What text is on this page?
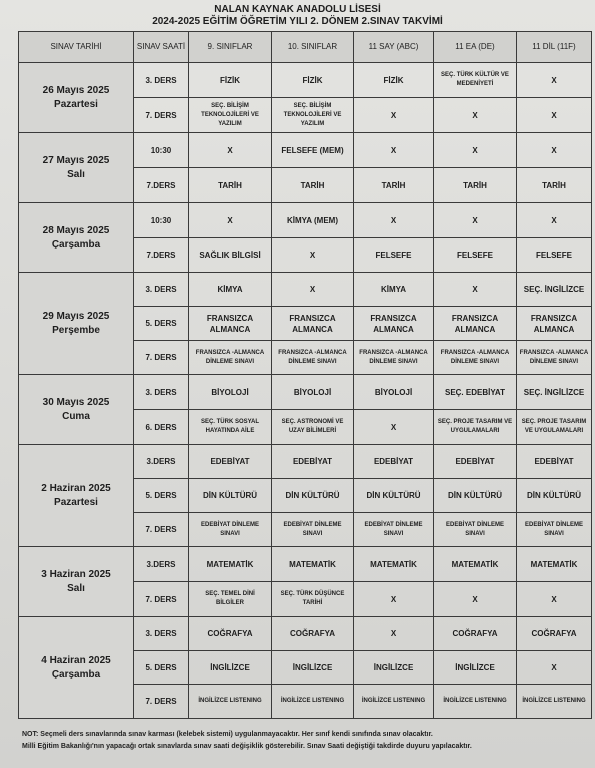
NALAN KAYNAK ANADOLU LİSESİ
2024-2025 EĞİTİM ÖĞRETİM YILI 2. DÖNEM 2.SINAV TAKVİMİ
SINAV TARİHİ	SINAV SAATİ	9. SINIFLAR	10. SINIFLAR	11 SAY (ABC)	11 EA (DE)	11 DİL (11F)

26 Mayıs 2025
Pazartesi	3. DERS	FİZİK	FİZİK	FİZİK	SEÇ. TÜRK KÜLTÜR VE MEDENİYETİ	X
	7. DERS	SEÇ. BİLİŞİM TEKNOLOJİLERİ VE YAZILIM	SEÇ. BİLİŞİM TEKNOLOJİLERİ VE YAZILIM	X	X	X

27 Mayıs 2025
Salı	10:30	X	FELSEFE (MEM)	X	X	X
	7.DERS	TARİH	TARİH	TARİH	TARİH	TARİH

28 Mayıs 2025
Çarşamba	10:30	X	KİMYA (MEM)	X	X	X
	7.DERS	SAĞLIK BİLGİSİ	X	FELSEFE	FELSEFE	FELSEFE

29 Mayıs 2025
Perşembe	3. DERS	KİMYA	X	KİMYA	X	SEÇ. İNGİLİZCE
	5. DERS	FRANSIZCA ALMANCA	FRANSIZCA ALMANCA	FRANSIZCA ALMANCA	FRANSIZCA ALMANCA	FRANSIZCA ALMANCA
	7. DERS	FRANSIZCA -ALMANCA DİNLEME SINAVI	FRANSIZCA -ALMANCA DİNLEME SINAVI	FRANSIZCA -ALMANCA DİNLEME SINAVI	FRANSIZCA -ALMANCA DİNLEME SINAVI	FRANSIZCA -ALMANCA DİNLEME SINAVI

30 Mayıs 2025
Cuma	3. DERS	BİYOLOJİ	BİYOLOJİ	BİYOLOJİ	SEÇ. EDEBİYAT	SEÇ. İNGİLİZCE
	6. DERS	SEÇ. TÜRK SOSYAL HAYATINDA AİLE	SEÇ. ASTRONOMİ VE UZAY BİLİMLERİ	X	SEÇ. PROJE TASARIM VE UYGULAMALARI	SEÇ. PROJE TASARIM VE UYGULAMALARI

2 Haziran 2025
Pazartesi	3.DERS	EDEBİYAT	EDEBİYAT	EDEBİYAT	EDEBİYAT	EDEBİYAT
	5. DERS	DİN KÜLTÜRÜ	DİN KÜLTÜRÜ	DİN KÜLTÜRÜ	DİN KÜLTÜRÜ	DİN KÜLTÜRÜ
	7. DERS	EDEBİYAT DİNLEME SINAVI	EDEBİYAT DİNLEME SINAVI	EDEBİYAT DİNLEME SINAVI	EDEBİYAT DİNLEME SINAVI	EDEBİYAT DİNLEME SINAVI

3 Haziran 2025
Salı	3.DERS	MATEMATİK	MATEMATİK	MATEMATİK	MATEMATİK	MATEMATİK
	7. DERS	SEÇ. TEMEL DİNİ BİLGİLER	SEÇ. TÜRK DÜŞÜNCE TARİHİ	X	X	X

4 Haziran 2025
Çarşamba	3. DERS	COĞRAFYA	COĞRAFYA	X	COĞRAFYA	COĞRAFYA
	5. DERS	İNGİLİZCE	İNGİLİZCE	İNGİLİZCE	İNGİLİZCE	X
	7. DERS	İNGİLİZCE LISTENING	İNGİLİZCE LISTENING	İNGİLİZCE LISTENING	İNGİLİZCE LISTENING	İNGİLİZCE LISTENING
NOT: Seçmeli ders sınavlarında sınav karması (kelebek sistemi) uygulanmayacaktır. Her sınıf kendi sınıfında sınav olacaktır.
Milli Eğitim Bakanlığı'nın yapacağı ortak sınavlarda sınav saati değişiklik gösterebilir. Sınav Saati değiştiği takdirde duyuru yapılacaktır.
